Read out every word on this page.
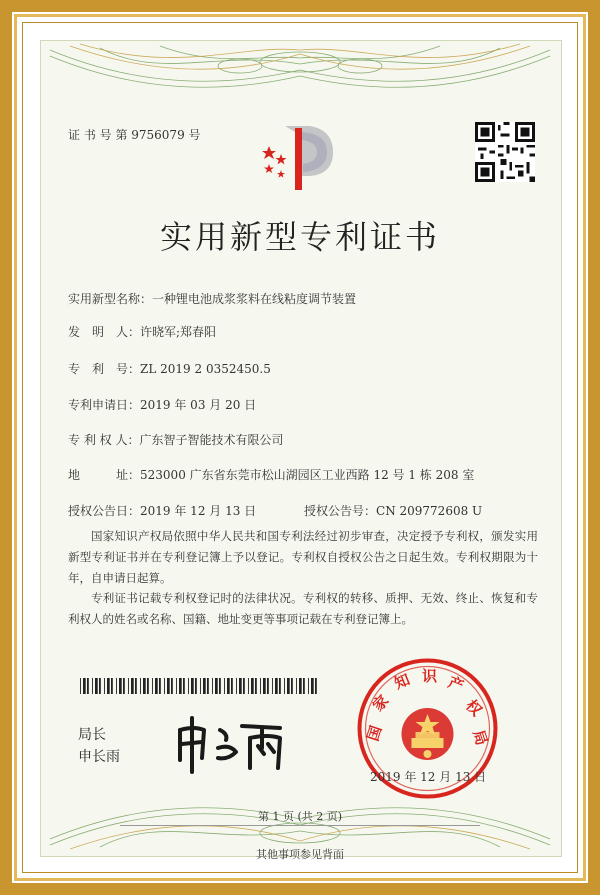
证 书 号 第 9756079 号
实用新型专利证书
实用新型名称：一种锂电池成浆浆料在线粘度调节装置
发　明　人：许晓军;郑春阳
专　利　号：ZL 2019 2 0352450.5
专利申请日：2019 年 03 月 20 日
专 利 权 人：广东智子智能技术有限公司
地　　　址：523000 广东省东莞市松山湖园区工业西路 12 号 1 栋 208 室
授权公告日：2019 年 12 月 13 日	授权公告号：CN 209772608 U
国家知识产权局依照中华人民共和国专利法经过初步审查，决定授予专利权，颁发实用新型专利证书并在专利登记簿上予以登记。专利权自授权公告之日起生效。专利权期限为十年，自申请日起算。
专利证书记载专利权登记时的法律状况。专利权的转移、质押、无效、终止、恢复和专利权人的姓名或名称、国籍、地址变更等事项记载在专利登记簿上。
局长
申长雨
国
家
知 识 产
权
局
2019 年 12 月 13 日
第 1 页 (共 2 页)
其他事项参见背面
